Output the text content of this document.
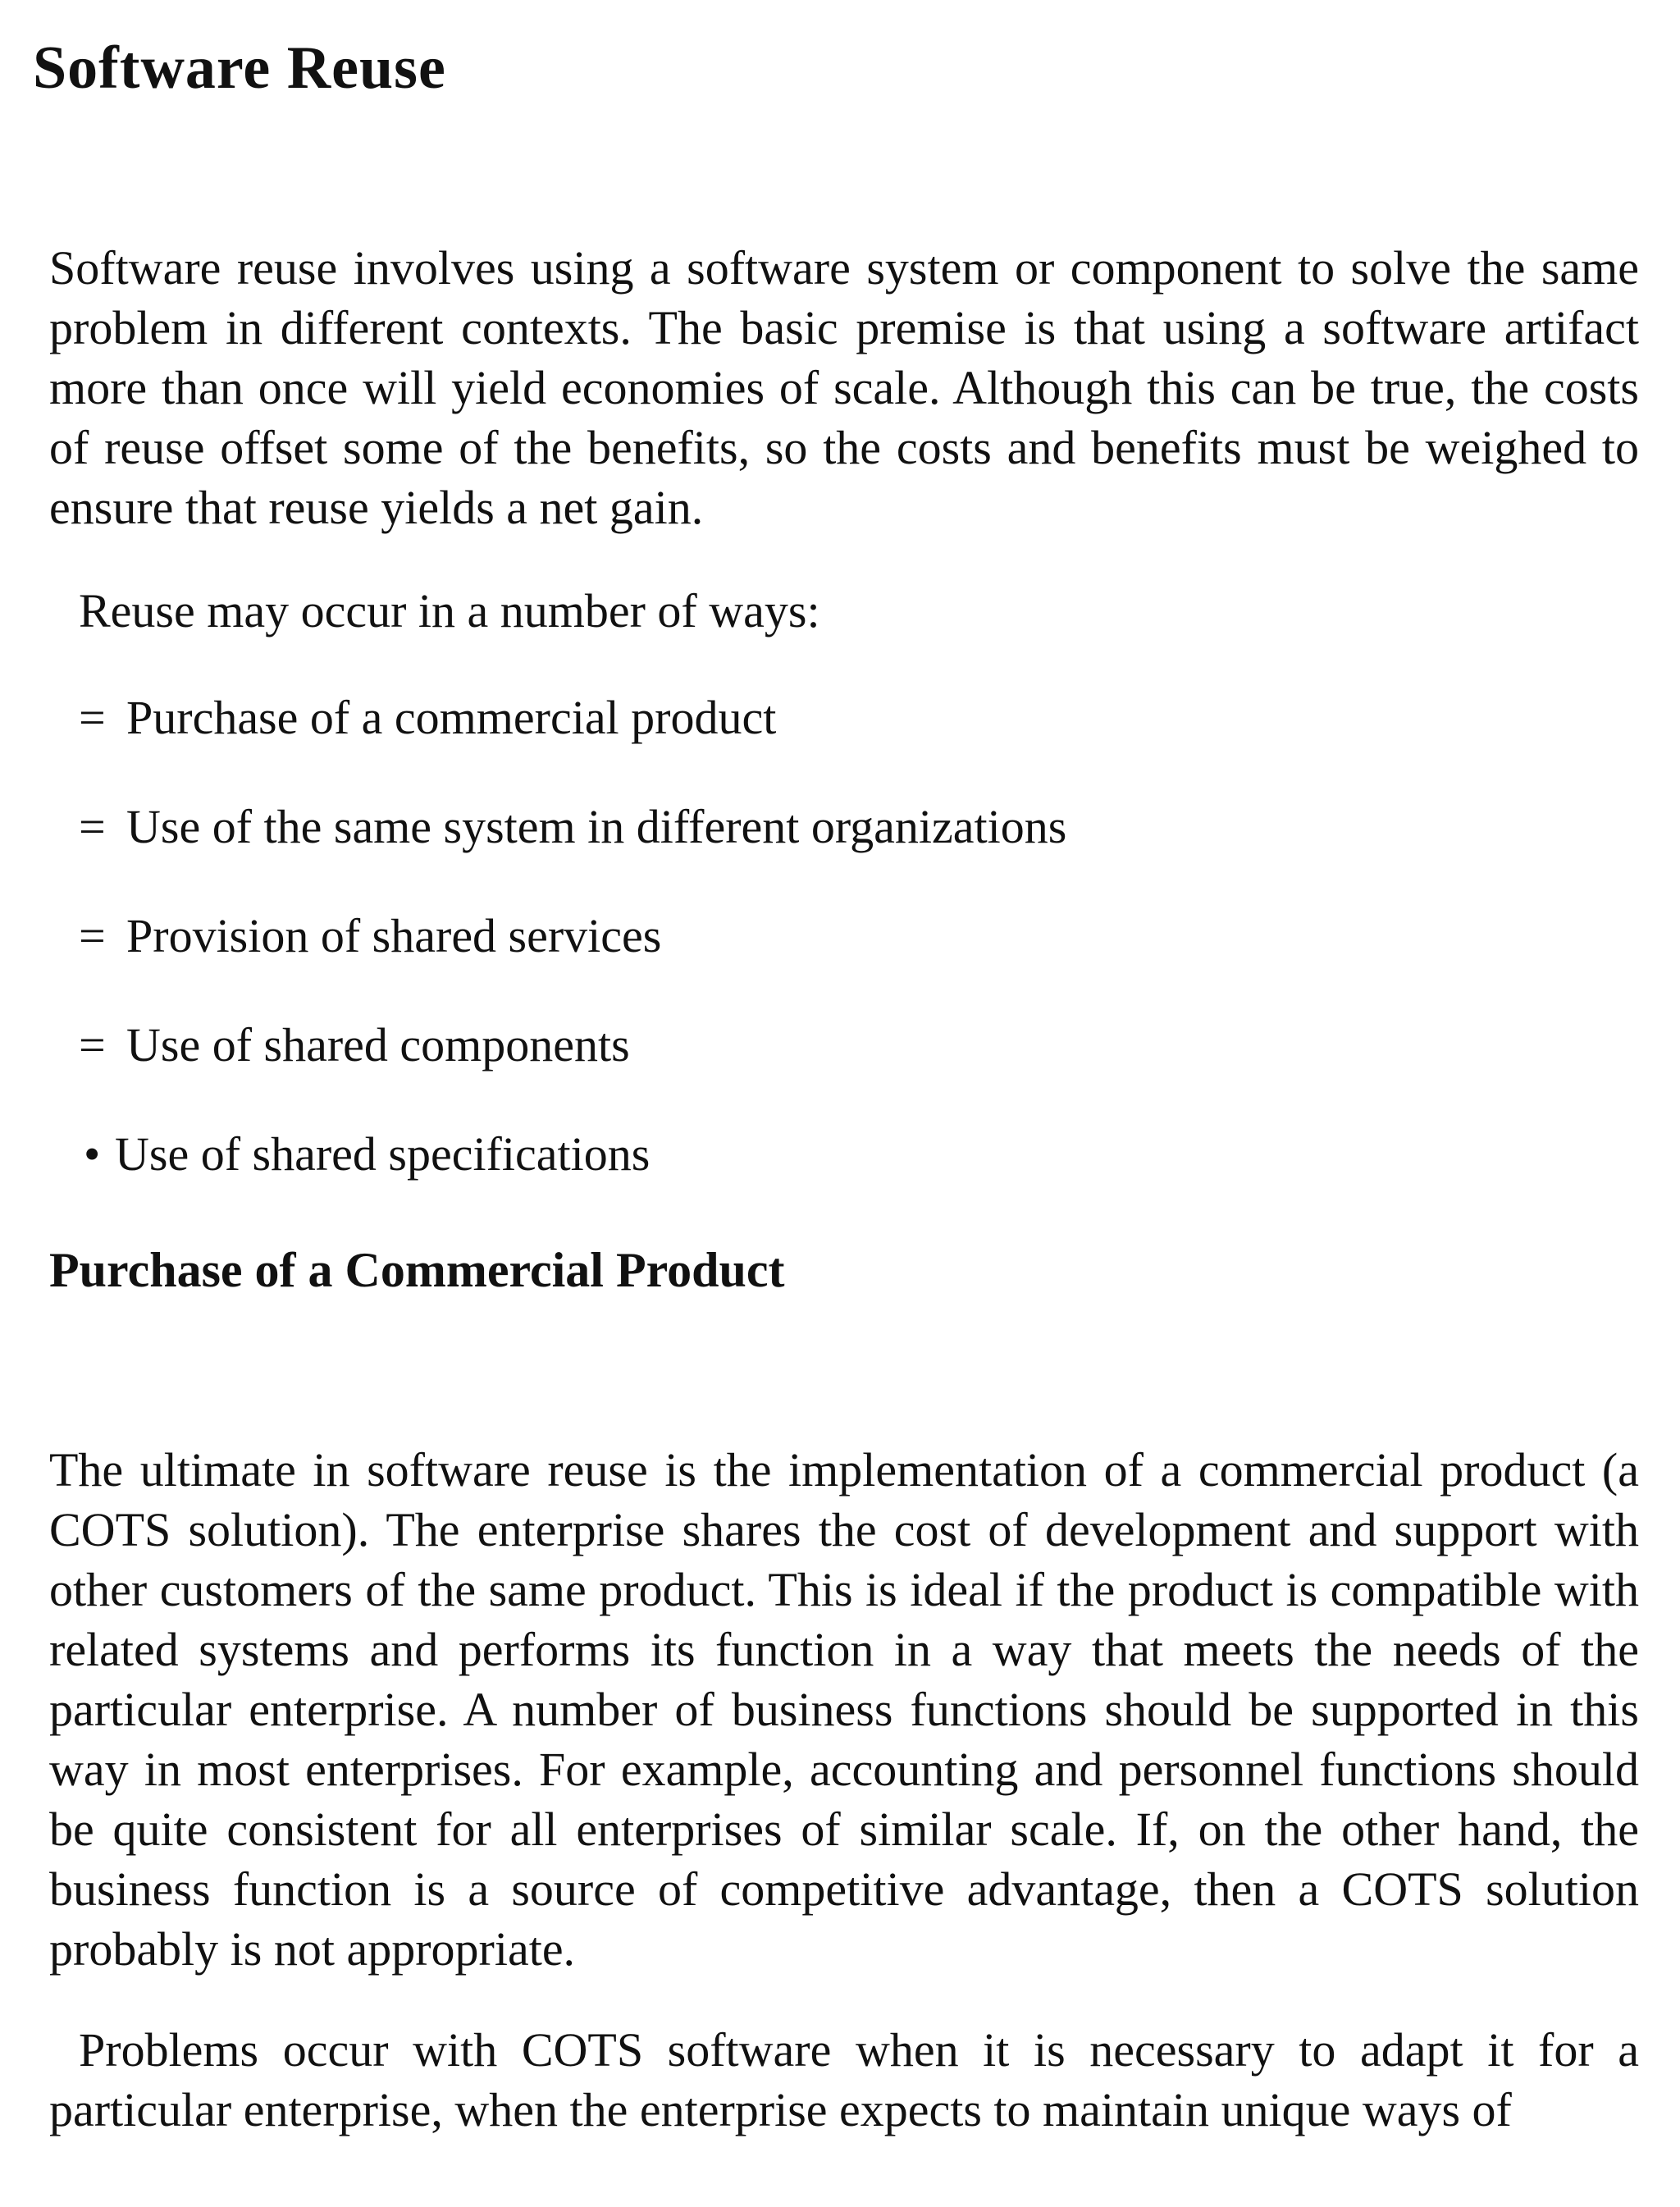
Software Reuse

Software reuse involves using a software system or component to solve the same problem in different contexts. The basic premise is that using a software artifact more than once will yield economies of scale. Although this can be true, the costs of reuse offset some of the benefits, so the costs and benefits must be weighed to ensure that reuse yields a net gain.

Reuse may occur in a number of ways:

= Purchase of a commercial product
= Use of the same system in different organizations
= Provision of shared services
= Use of shared components
• Use of shared specifications
Purchase of a Commercial Product

The ultimate in software reuse is the implementation of a commercial product (a COTS solution). The enterprise shares the cost of development and support with other customers of the same product. This is ideal if the product is compatible with related systems and performs its function in a way that meets the needs of the particular enterprise. A number of business functions should be supported in this way in most enterprises. For example, accounting and personnel functions should be quite consistent for all enterprises of similar scale. If, on the other hand, the business function is a source of competitive advantage, then a COTS solution probably is not appropriate.

Problems occur with COTS software when it is necessary to adapt it for a particular enterprise, when the enterprise expects to maintain unique ways of
